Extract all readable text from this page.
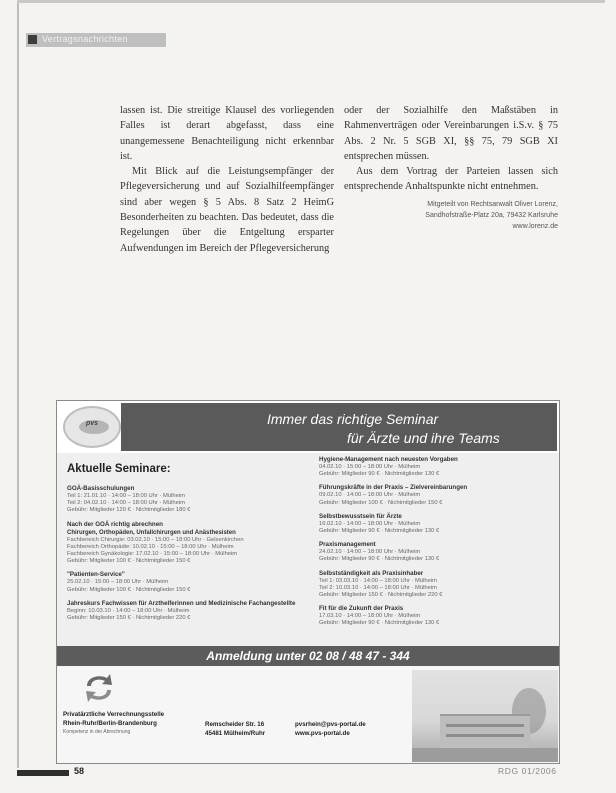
Vertragsnachrichten

lassen ist. Die streitige Klausel des vorliegenden Falles ist derart abgefasst, dass eine unangemessene Benachteiligung nicht erkennbar ist.

Mit Blick auf die Leistungsempfänger der Pflegeversicherung und auf Sozialhilfeempfänger sind aber wegen § 5 Abs. 8 Satz 2 HeimG Besonderheiten zu beachten. Das bedeutet, dass die Regelungen über die Entgeltung ersparter Aufwendungen im Bereich der Pflegeversicherung

oder der Sozialhilfe den Maßstäben in Rahmenverträgen oder Vereinbarungen i.S.v. § 75 Abs. 2 Nr. 5 SGB XI, §§ 75, 79 SGB XI entsprechen müssen.

Aus dem Vortrag der Parteien lassen sich entsprechende Anhaltspunkte nicht entnehmen.

Mitgeteilt von Rechtsanwalt Oliver Lorenz,
Sandhofstraße-Platz 20a, 79432 Karlsruhe
www.lorenz.de
pvs	Immer das richtige Seminar
für Ärzte und ihre Teams
Aktuelle Seminare:
GOÄ-Basisschulungen
Teil 1: 21.01.10 · 14:00 – 18:00 Uhr · Mülheim
Teil 2: 04.02.10 · 14:00 – 18:00 Uhr · Mülheim
Gebühr: Mitglieder 120 € · Nichtmitglieder 180 €
Nach der GOÄ richtig abrechnen
Chirurgen, Orthopäden, Unfallchirurgen und Anästhesisten
Fachbereich Chirurgie: 03.02.10 · 15:00 – 18:00 Uhr · Gelsenkirchen
Fachbereich Orthopädie: 10.02.10 · 15:00 – 18:00 Uhr · Mülheim
Fachbereich Gynäkologie: 17.02.10 · 15:00 – 18:00 Uhr · Mülheim
Gebühr: Mitglieder 100 € · Nichtmitglieder 150 €
"Patienten-Service"
25.02.10 · 15:00 – 18:00 Uhr · Mülheim
Gebühr: Mitglieder 100 € · Nichtmitglieder 150 €
Jahreskurs Fachwissen für Arzthelferinnen und Medizinische Fachangestellte
Beginn: 10.03.10 · 14:00 – 18:00 Uhr · Mülheim
Gebühr: Mitglieder 150 € · Nichtmitglieder 220 €
Hygiene-Management nach neuesten Vorgaben
04.02.10 · 15:00 – 18:00 Uhr · Mülheim
Gebühr: Mitglieder 90 € · Nichtmitglieder 130 €
Führungskräfte in der Praxis – Zielvereinbarungen
09.02.10 · 14:00 – 18:00 Uhr · Mülheim
Gebühr: Mitglieder 100 € · Nichtmitglieder 150 €
Selbstbewusstsein für Ärzte
16.02.10 · 14:00 – 18:00 Uhr · Mülheim
Gebühr: Mitglieder 90 € · Nichtmitglieder 130 €
Praxismanagement
24.02.10 · 14:00 – 18:00 Uhr · Mülheim
Gebühr: Mitglieder 90 € · Nichtmitglieder 130 €
Selbstständigkeit als Praxisinhaber
Teil 1: 03.03.10 · 14:00 – 18:00 Uhr · Mülheim
Teil 2: 10.03.10 · 14:00 – 18:00 Uhr · Mülheim
Gebühr: Mitglieder 150 € · Nichtmitglieder 220 €
Fit für die Zukunft der Praxis
17.03.10 · 14:00 – 18:00 Uhr · Mülheim
Gebühr: Mitglieder 90 € · Nichtmitglieder 130 €
Anmeldung unter 02 08 / 48 47 - 344
Privatärztliche Verrechnungsstelle
Rhein-Ruhr/Berlin-Brandenburg
Kompetenz in der Abrechnung
Remscheider Str. 16
45481 Mülheim/Ruhr
pvsrhein@pvs-portal.de
www.pvs-portal.de
58	RDG 01/2006
